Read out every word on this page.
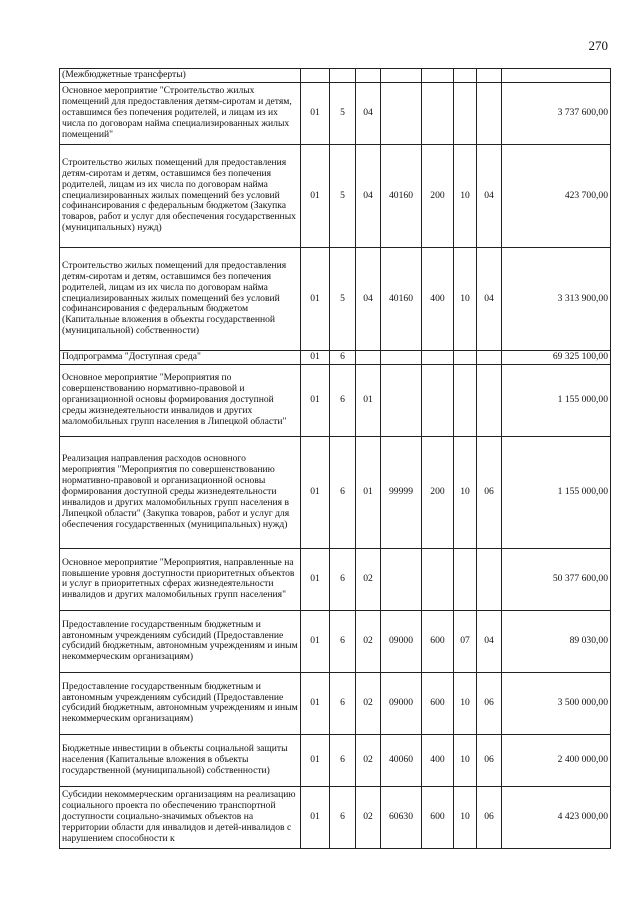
270
(Межбюджетные трансферты)								
Основное мероприятие "Строительство жилых помещений для предоставления детям-сиротам и детям, оставшимся без попечения родителей, и лицам из их числа по договорам найма специализированных жилых помещений"	01	5	04					3 737 600,00
Строительство жилых помещений для предоставления детям-сиротам и детям, оставшимся без попечения родителей, лицам из их числа по договорам найма специализированных жилых помещений без условий софинансирования с федеральным бюджетом (Закупка товаров, работ и услуг для обеспечения государственных (муниципальных) нужд)	01	5	04	40160	200	10	04	423 700,00
Строительство жилых помещений для предоставления детям-сиротам и детям, оставшимся без попечения родителей, лицам из их числа по договорам найма специализированных жилых помещений без условий софинансирования с федеральным бюджетом (Капитальные вложения в объекты государственной (муниципальной) собственности)	01	5	04	40160	400	10	04	3 313 900,00
Подпрограмма "Доступная среда"	01	6						69 325 100,00
Основное мероприятие "Мероприятия по совершенствованию нормативно-правовой и организационной основы формирования доступной среды жизнедеятельности инвалидов и других маломобильных групп населения в Липецкой области"	01	6	01					1 155 000,00
Реализация направления расходов основного мероприятия "Мероприятия по совершенствованию нормативно-правовой и организационной основы формирования доступной среды жизнедеятельности инвалидов и других маломобильных групп населения в Липецкой области" (Закупка товаров, работ и услуг для обеспечения государственных (муниципальных) нужд)	01	6	01	99999	200	10	06	1 155 000,00
Основное мероприятие "Мероприятия, направленные на повышение уровня доступности приоритетных объектов и услуг в приоритетных сферах жизнедеятельности инвалидов и других маломобильных групп населения"	01	6	02					50 377 600,00
Предоставление государственным бюджетным и автономным учреждениям субсидий (Предоставление субсидий бюджетным, автономным учреждениям и иным некоммерческим организациям)	01	6	02	09000	600	07	04	89 030,00
Предоставление государственным бюджетным и автономным учреждениям субсидий (Предоставление субсидий бюджетным, автономным учреждениям и иным некоммерческим организациям)	01	6	02	09000	600	10	06	3 500 000,00
Бюджетные инвестиции в объекты социальной защиты населения (Капитальные вложения в объекты государственной (муниципальной) собственности)	01	6	02	40060	400	10	06	2 400 000,00
Субсидии некоммерческим организациям на реализацию социального проекта по обеспечению транспортной доступности социально-значимых объектов на территории области для инвалидов и детей-инвалидов с нарушением способности к	01	6	02	60630	600	10	06	4 423 000,00
